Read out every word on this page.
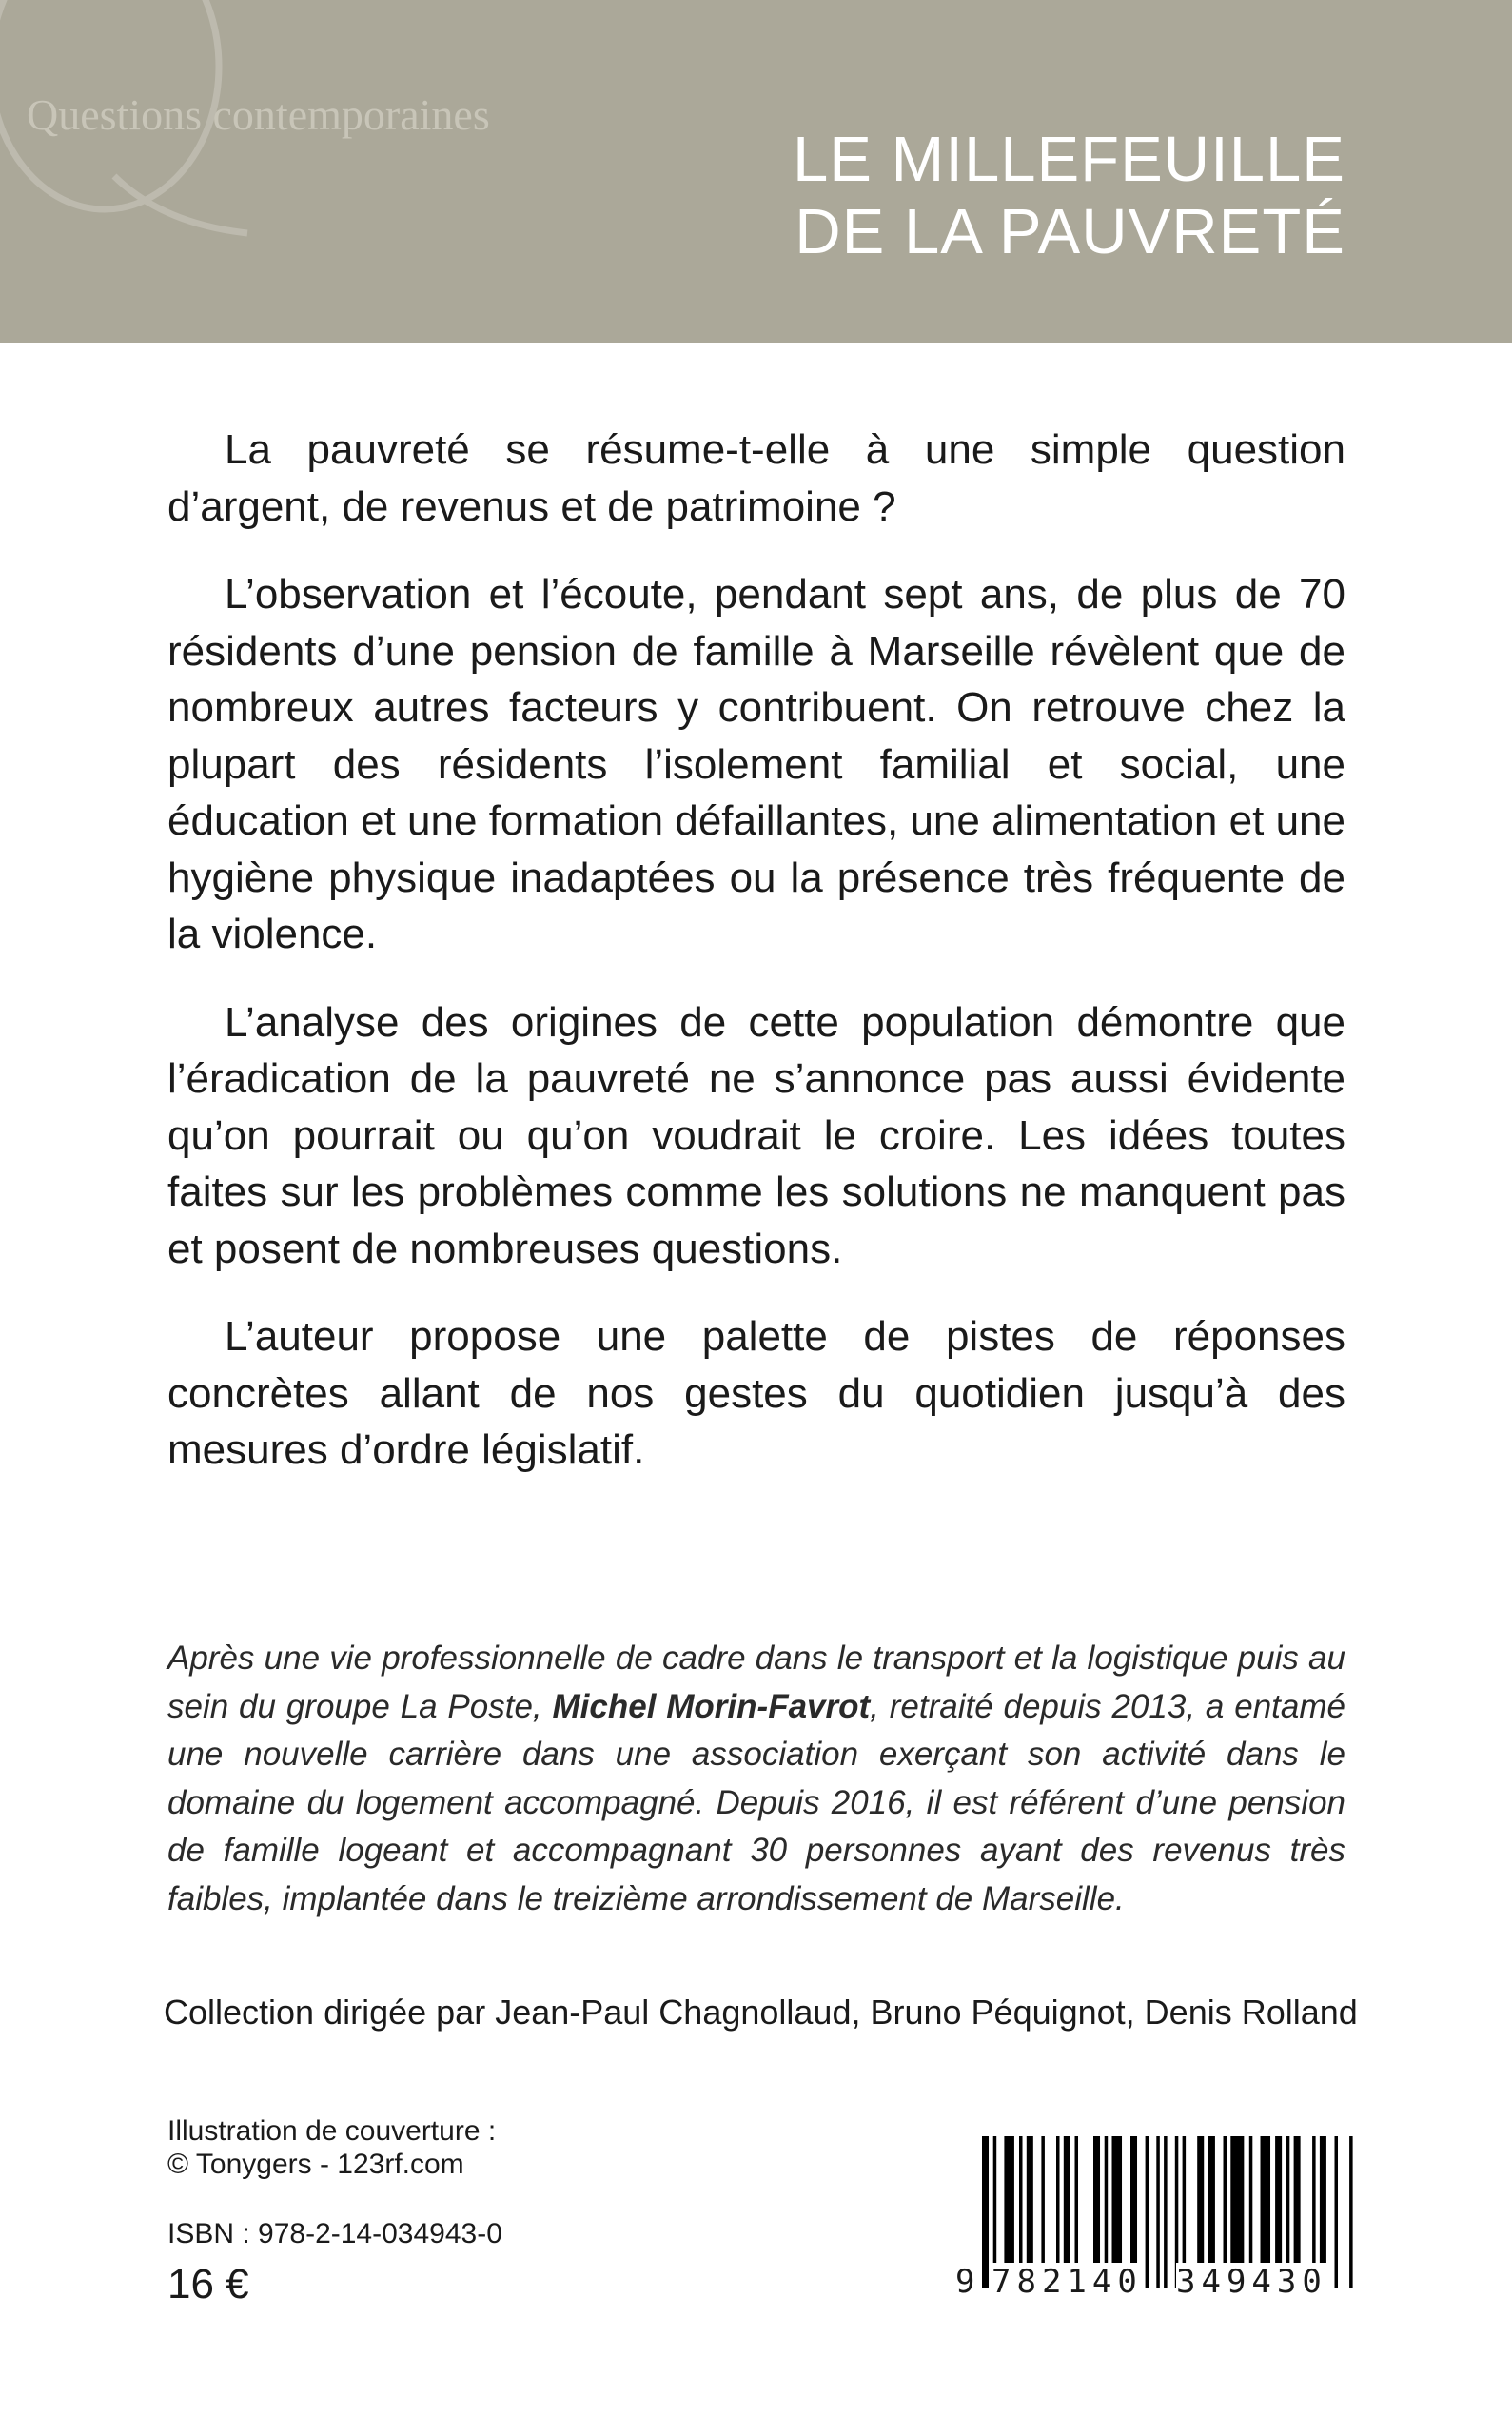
Questions contemporaines
LE MILLEFEUILLE
DE LA PAUVRETÉ

La pauvreté se résume-t-elle à une simple question d’argent, de revenus et de patrimoine ?

L’observation et l’écoute, pendant sept ans, de plus de 70 résidents d’une pension de famille à Marseille révèlent que de nombreux autres facteurs y contribuent. On retrouve chez la plupart des résidents l’isolement familial et social, une éducation et une formation défaillantes, une alimentation et une hygiène physique inadaptées ou la présence très fréquente de la violence.

L’analyse des origines de cette population démontre que l’éradication de la pauvreté ne s’annonce pas aussi évidente qu’on pourrait ou qu’on voudrait le croire. Les idées toutes faites sur les problèmes comme les solutions ne manquent pas et posent de nombreuses questions.

L’auteur propose une palette de pistes de réponses concrètes allant de nos gestes du quotidien jusqu’à des mesures d’ordre législatif.

Après une vie professionnelle de cadre dans le transport et la logistique puis au sein du groupe La Poste, Michel Morin-Favrot, retraité depuis 2013, a entamé une nouvelle carrière dans une association exerçant son activité dans le domaine du logement accompagné. Depuis 2016, il est référent d’une pension de famille logeant et accompagnant 30 personnes ayant des revenus très faibles, implantée dans le treizième arrondissement de Marseille.

Collection dirigée par Jean-Paul Chagnollaud, Bruno Péquignot, Denis Rolland
Illustration de couverture :
© Tonygers - 123rf.com
ISBN : 978-2-14-034943-0
16 €	9 782140 349430
